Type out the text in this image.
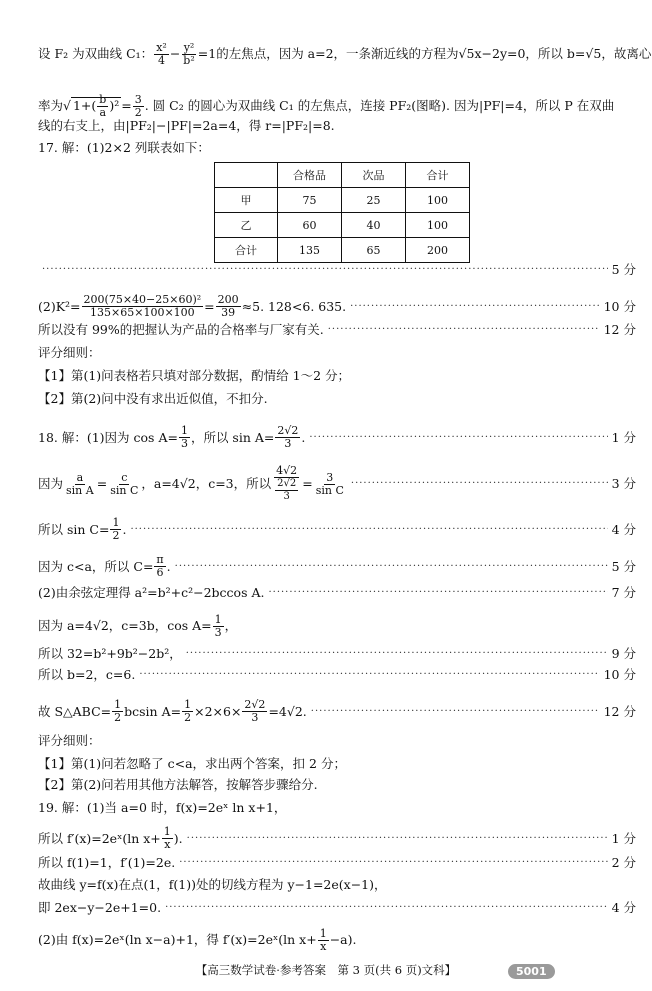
设 F₂ 为双曲线 C₁： $\frac{\text{x²}}{4} - \frac{\text{y²}}{\text{b²}} =1$的左焦点，因为 a=2，一条渐近线的方程为√5x−2y=0，所以 b=√5，故离心
率为√ $1+( \frac{b}{a} )^2 = \frac{3}{2}$ . 圆 C₂ 的圆心为双曲线 C₁ 的左焦点，连接 PF₂(图略). 因为|PF|=4，所以 P 在双曲
线的右支上，由|PF₂|−|PF|=2a=4，得 r=|PF₂|=8.
17. 解：(1)2×2 列联表如下：
	合格品	次品	合计
甲	75	25	100
乙	60	40	100
合计	135	65	200
·····
5 分
$(2)K^2= \frac{\text{200(75×40−25×60)²}}{135\times 65\times 100\times 100} = \frac{200}{39} \approx 5$. 128<6. 635. ·····	10 分
所以没有 99%的把握认为产品的合格率与厂家有关. ·····	12 分
评分细则：
【1】第(1)问表格若只填对部分数据，酌情给 1～2 分；
【2】第(2)问中没有求出近似值，不扣分.
18. 解：(1)因为 $\cos A= \frac{1}{3}$ ，所以 $\sin A= \frac{2√2}{3}$ . ·····	1 分
因为 $\frac{a}{\text{sin A}} = \frac{c}{\text{sin C}}$ ，a=4 √2 ，c=3，所以 $\frac{4√2}{\frac{2√2}{3}} = \frac{3}{\text{sin C}}$ ·····	3 分
所以 $\sin C= \frac{1}{2}$ . ·····	4 分
因为 c<a，所以 $C= \frac{\pi}{6}$ . ·····	5 分
(2)由余弦定理得 a²=b²+c²−2bccos A. ·····	7 分
因为 a=4√2，c=3b，$\cos A= \frac{1}{3}$ ，
所以 32=b²+9b²−2b²， ·····	9 分
所以 b=2，c=6. ·····	10 分
故 S△ABC= $\frac{1}{2}$ bcsin $A= \frac{1}{2} \times 2\times 6\times \frac{2√2}{3} =4$ √2 . ·····	12 分
评分细则：
【1】第(1)问若忽略了 c<a，求出两个答案，扣 2 分；
【2】第(2)问若用其他方法解答，按解答步骤给分.
19. 解：(1)当 a=0 时，f(x)=2eˣ ln x+1，
所以 f′(x)=2eˣ(ln $x+ \frac{1}{x}$ ). ·····	1 分
所以 f(1)=1，f′(1)=2e. ·····	2 分
故曲线 y=f(x)在点(1，f(1))处的切线方程为 y−1=2e(x−1)，
即 2ex−y−2e+1=0. ·····	4 分
(2)由 f(x)=2eˣ(ln x−a)+1，得 f′(x)=2eˣ(ln $x+ \frac{1}{x} -a$).
【高三数学试卷·参考答案　第 3 页(共 6 页)文科】	5001
